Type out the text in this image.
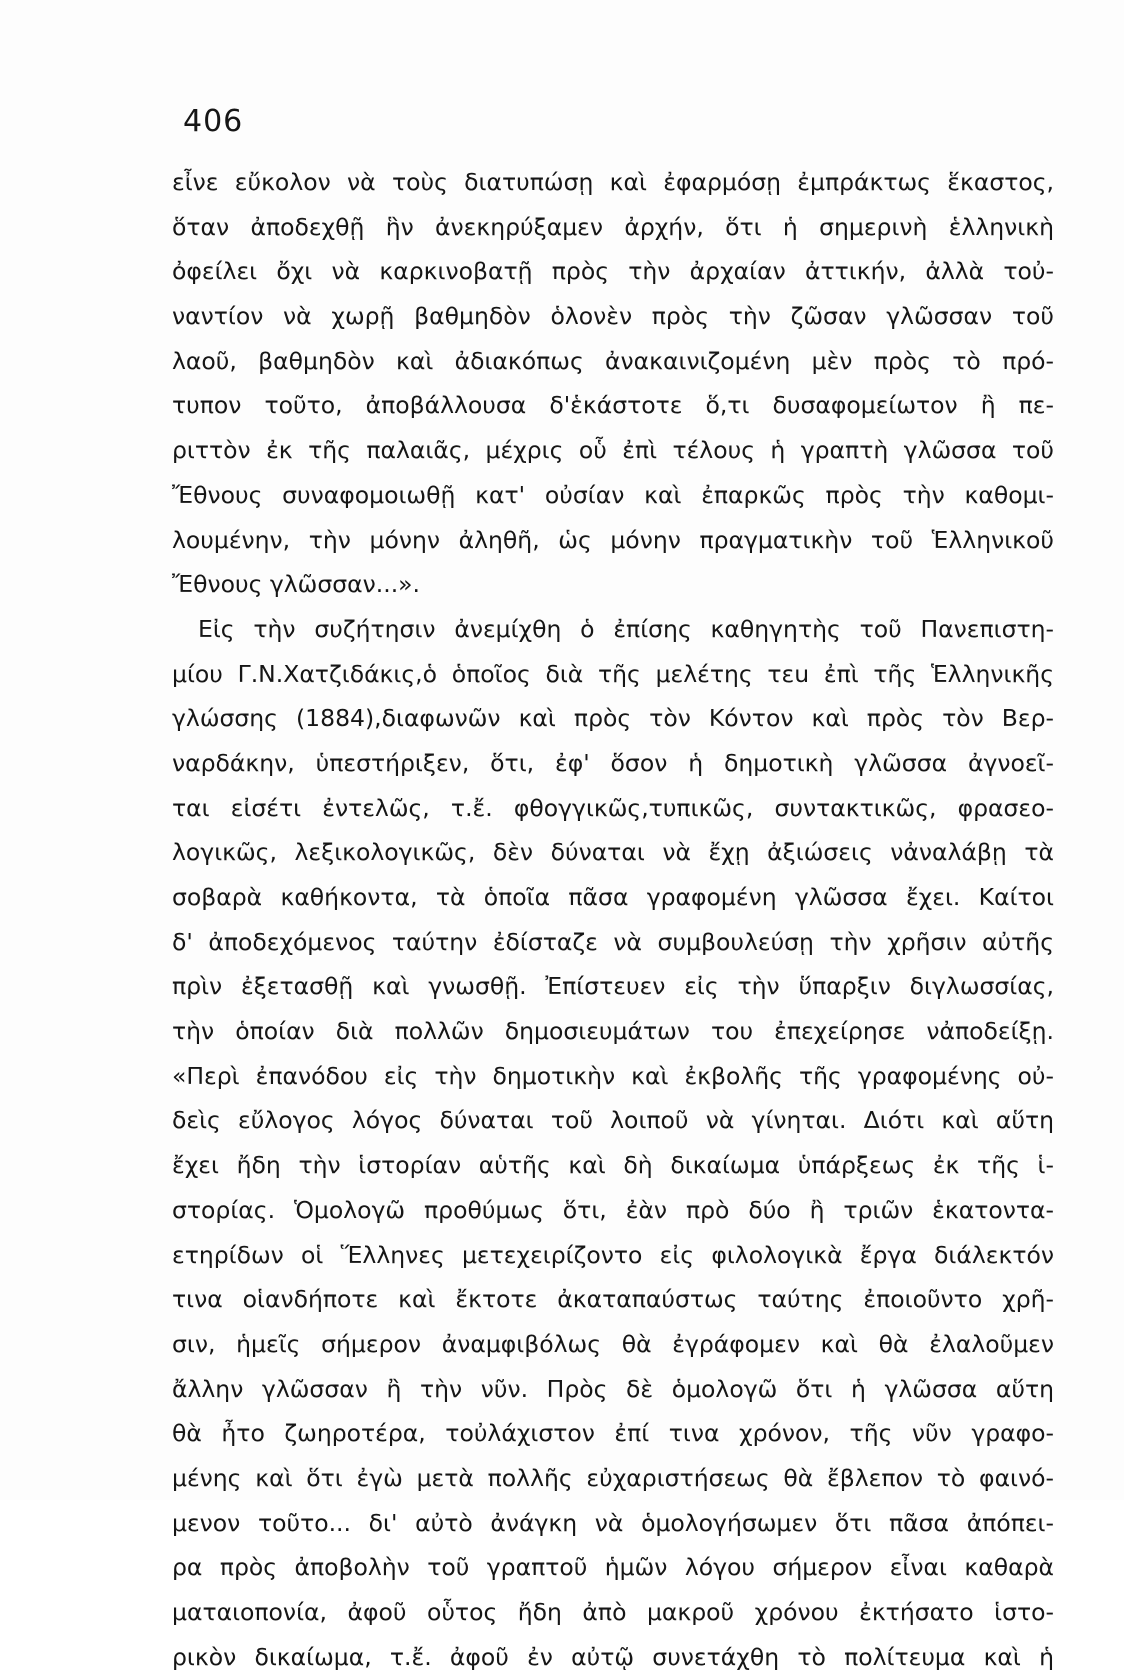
406
εἶνε εὔκολον νὰ τοὺς διατυπώσῃ καὶ ἐφαρμόσῃ ἐμπράκτως ἕκαστος,
ὅταν ἀποδεχθῇ ἣν ἀνεκηρύξαμεν ἀρχήν, ὅτι ἡ σημερινὴ ἑλληνικὴ
ὀφείλει ὄχι νὰ καρκινοβατῇ πρὸς τὴν ἀρχαίαν ἀττικήν, ἀλλὰ τοὐ-
ναντίον νὰ χωρῇ βαθμηδὸν ὁλονὲν πρὸς τὴν ζῶσαν γλῶσσαν τοῦ
λαοῦ, βαθμηδὸν καὶ ἀδιακόπως ἀνακαινιζομένη μὲν πρὸς τὸ πρό-
τυπον τοῦτο, ἀποβάλλουσα δ'ἑκάστοτε ὅ,τι δυσαφομείωτον ἢ πε-
ριττὸν ἐκ τῆς παλαιᾶς, μέχρις οὗ ἐπὶ τέλους ἡ γραπτὴ γλῶσσα τοῦ
Ἔθνους συναφομοιωθῇ κατ' οὐσίαν καὶ ἐπαρκῶς πρὸς τὴν καθομι-
λουμένην, τὴν μόνην ἀληθῆ, ὡς μόνην πραγματικὴν τοῦ Ἑλληνικοῦ
Ἔθνους γλῶσσαν...».
Εἰς τὴν συζήτησιν ἀνεμίχθη ὁ ἐπίσης καθηγητὴς τοῦ Πανεπιστη-
μίου Γ.Ν.Χατζιδάκις,ὁ ὁποῖος διὰ τῆς μελέτης τεu ἐπὶ τῆς Ἑλληνικῆς
γλώσσης (1884),διαφωνῶν καὶ πρὸς τὸν Κόντον καὶ πρὸς τὸν Βερ-
ναρδάκην, ὑπεστήριξεν, ὅτι, ἐφ' ὅσον ἡ δημοτικὴ γλῶσσα ἀγνοεῖ-
ται εἰσέτι ἐντελῶς, τ.ἔ. φθογγικῶς,τυπικῶς, συντακτικῶς, φρασεο-
λογικῶς, λεξικολογικῶς, δὲν δύναται νὰ ἔχῃ ἀξιώσεις νἀναλάβῃ τὰ
σοβαρὰ καθήκοντα, τὰ ὁποῖα πᾶσα γραφομένη γλῶσσα ἔχει. Καίτοι
δ' ἀποδεχόμενος ταύτην ἐδίσταζε νὰ συμβουλεύσῃ τὴν χρῆσιν αὐτῆς
πρὶν ἐξετασθῇ καὶ γνωσθῇ. Ἐπίστευεν εἰς τὴν ὕπαρξιν διγλωσσίας,
τὴν ὁποίαν διὰ πολλῶν δημοσιευμάτων του ἐπεχείρησε νἀποδείξῃ.
«Περὶ ἐπανόδου εἰς τὴν δημοτικὴν καὶ ἐκβολῆς τῆς γραφομένης οὐ-
δεὶς εὔλογος λόγος δύναται τοῦ λοιποῦ νὰ γίνηται. Διότι καὶ αὕτη
ἔχει ἤδη τὴν ἱστορίαν αὑτῆς καὶ δὴ δικαίωμα ὑπάρξεως ἐκ τῆς ἱ-
στορίας. Ὁμολογῶ προθύμως ὅτι, ἐὰν πρὸ δύο ἢ τριῶν ἑκατοντα-
ετηρίδων οἱ Ἕλληνες μετεχειρίζοντο εἰς φιλολογικὰ ἔργα διάλεκτόν
τινα οἱανδήποτε καὶ ἔκτοτε ἀκαταπαύστως ταύτης ἐποιοῦντο χρῆ-
σιν, ἡμεῖς σήμερον ἀναμφιβόλως θὰ ἐγράφομεν καὶ θὰ ἐλαλοῦμεν
ἄλλην γλῶσσαν ἢ τὴν νῦν. Πρὸς δὲ ὁμολογῶ ὅτι ἡ γλῶσσα αὕτη
θὰ ἦτο ζωηροτέρα, τοὐλάχιστον ἐπί τινα χρόνον, τῆς νῦν γραφο-
μένης καὶ ὅτι ἐγὼ μετὰ πολλῆς εὐχαριστήσεως θὰ ἔβλεπον τὸ φαινό-
μενον τοῦτο... δι' αὐτὸ ἀνάγκη νὰ ὁμολογήσωμεν ὅτι πᾶσα ἀπόπει-
ρα πρὸς ἀποβολὴν τοῦ γραπτοῦ ἡμῶν λόγου σήμερον εἶναι καθαρὰ
ματαιοπονία, ἀφοῦ οὗτος ἤδη ἀπὸ μακροῦ χρόνου ἐκτήσατο ἱστο-
ρικὸν δικαίωμα, τ.ἔ. ἀφοῦ ἐν αὐτῷ συνετάχθη τὸ πολίτευμα καὶ ἡ
